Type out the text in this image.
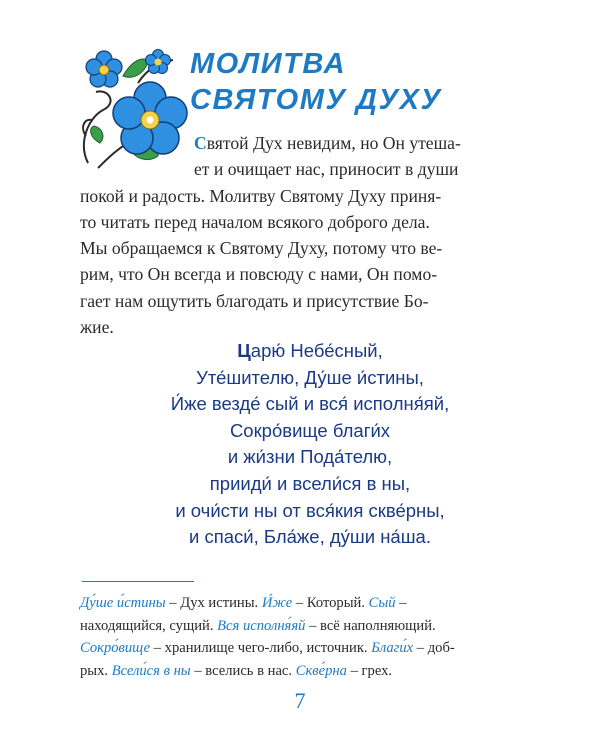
МОЛИТВА
СВЯТОМУ ДУХУ
Святой Дух невидим, но Он утеша-
ет и очищает нас, приносит в души
покой и радость. Молитву Святому Духу приня-
то читать перед началом всякого доброго дела.
Мы обращаемся к Святому Духу, потому что ве-
рим, что Он всегда и повсюду с нами, Он помо-
гает нам ощутить благодать и присутствие Бо-
жие.
Царю́ Небе́сный,
Уте́шителю, Ду́ше и́стины,
И́же везде́ сый и вся́ исполня́яй,
Сокро́вище благи́х
и жи́зни Пода́телю,
прииди́ и всели́ся в ны,
и очи́сти ны от вся́кия скве́рны,
и спаси́, Бла́же, ду́ши на́ша.
Ду́ше и́стины – Дух истины. И́же – Который. Сый –
находящийся, сущий. Вся исполня́яй – всё наполняющий.
Сокро́вище – хранилище чего-либо, источник. Благи́х – доб-
рых. Всели́ся в ны – вселись в нас. Скве́рна – грех.
7
